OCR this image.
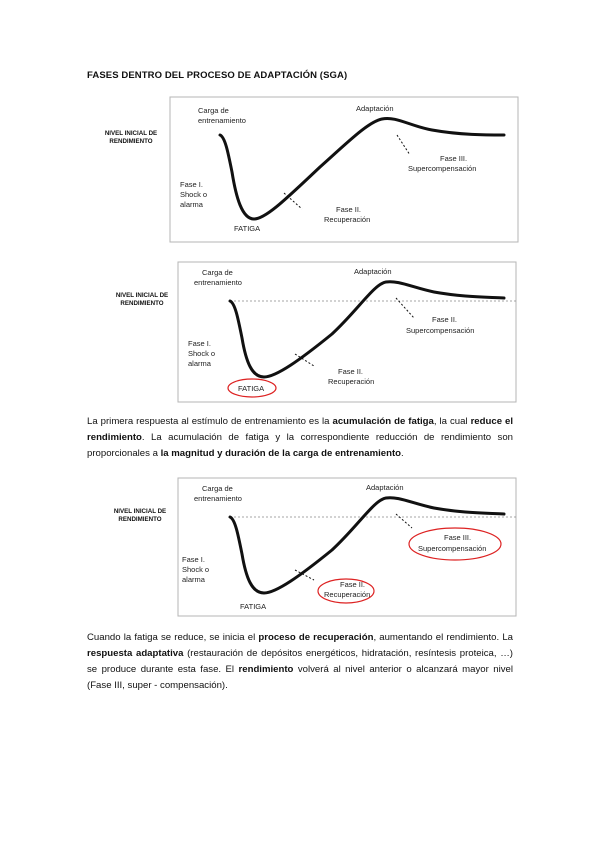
FASES DENTRO DEL PROCESO DE ADAPTACIÓN (SGA)
NIVEL INICIAL DE
RENDIMIENTO
Carga de
entrenamiento
Adaptación
Fase I.
Shock o
alarma
FATIGA
Fase II.
Recuperación
Fase III.
Supercompensación
NIVEL INICIAL DE
RENDIMIENTO
Carga de
entrenamiento
Adaptación
Fase I.
Shock o
alarma
FATIGA
Fase II.
Recuperación
Fase II.
Supercompensación
La primera respuesta al estímulo de entrenamiento es la acumulación de fatiga, la cual reduce el rendimiento. La acumulación de fatiga y la correspondiente reducción de rendimiento son proporcionales a la magnitud y duración de la carga de entrenamiento.
NIVEL INICIAL DE
RENDIMIENTO
Carga de
entrenamiento
Adaptación
Fase I.
Shock o
alarma
FATIGA
Fase II.
Recuperación
Fase III.
Supercompensación
Cuando la fatiga se reduce, se inicia el proceso de recuperación, aumentando el rendimiento. La respuesta adaptativa (restauración de depósitos energéticos, hidratación, resíntesis proteica, …) se produce durante esta fase. El rendimiento volverá al nivel anterior o alcanzará mayor nivel (Fase III, super - compensación).
